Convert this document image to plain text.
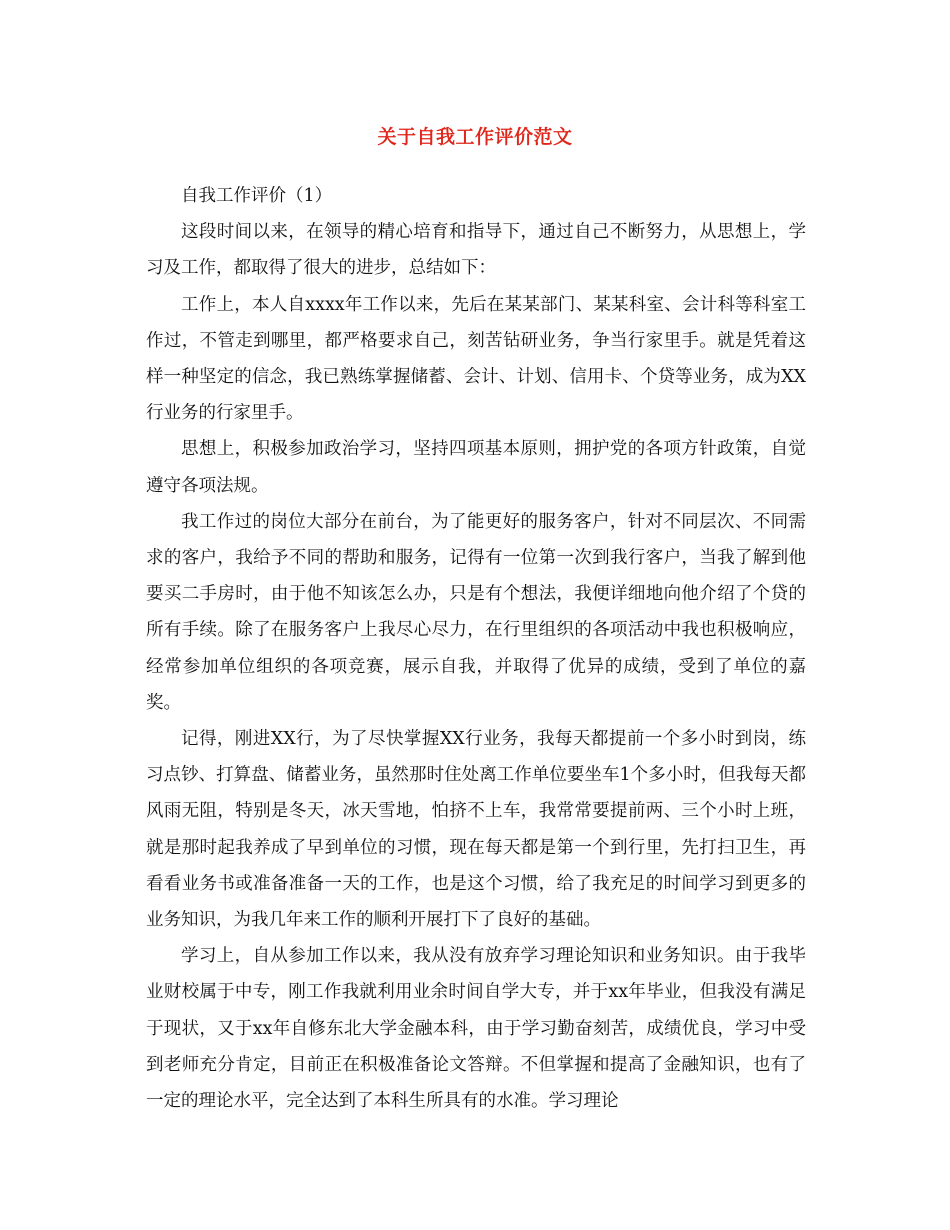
关于自我工作评价范文

自我工作评价（1）

这段时间以来，在领导的精心培育和指导下，通过自己不断努力，从思想上，学习及工作，都取得了很大的进步，总结如下：

工作上，本人自xxxx年工作以来，先后在某某部门、某某科室、会计科等科室工作过，不管走到哪里，都严格要求自己，刻苦钻研业务，争当行家里手。就是凭着这样一种坚定的信念，我已熟练掌握储蓄、会计、计划、信用卡、个贷等业务，成为XX行业务的行家里手。

思想上，积极参加政治学习，坚持四项基本原则，拥护党的各项方针政策，自觉遵守各项法规。

我工作过的岗位大部分在前台，为了能更好的服务客户，针对不同层次、不同需求的客户，我给予不同的帮助和服务，记得有一位第一次到我行客户，当我了解到他要买二手房时，由于他不知该怎么办，只是有个想法，我便详细地向他介绍了个贷的所有手续。除了在服务客户上我尽心尽力，在行里组织的各项活动中我也积极响应，经常参加单位组织的各项竞赛，展示自我，并取得了优异的成绩，受到了单位的嘉奖。

记得，刚进XX行，为了尽快掌握XX行业务，我每天都提前一个多小时到岗，练习点钞、打算盘、储蓄业务，虽然那时住处离工作单位要坐车1个多小时，但我每天都风雨无阻，特别是冬天，冰天雪地，怕挤不上车，我常常要提前两、三个小时上班，就是那时起我养成了早到单位的习惯，现在每天都是第一个到行里，先打扫卫生，再看看业务书或准备准备一天的工作，也是这个习惯，给了我充足的时间学习到更多的业务知识，为我几年来工作的顺利开展打下了良好的基础。

学习上，自从参加工作以来，我从没有放弃学习理论知识和业务知识。由于我毕业财校属于中专，刚工作我就利用业余时间自学大专，并于xx年毕业，但我没有满足于现状，又于xx年自修东北大学金融本科，由于学习勤奋刻苦，成绩优良，学习中受到老师充分肯定，目前正在积极准备论文答辩。不但掌握和提高了金融知识，也有了一定的理论水平，完全达到了本科生所具有的水准。学习理论
